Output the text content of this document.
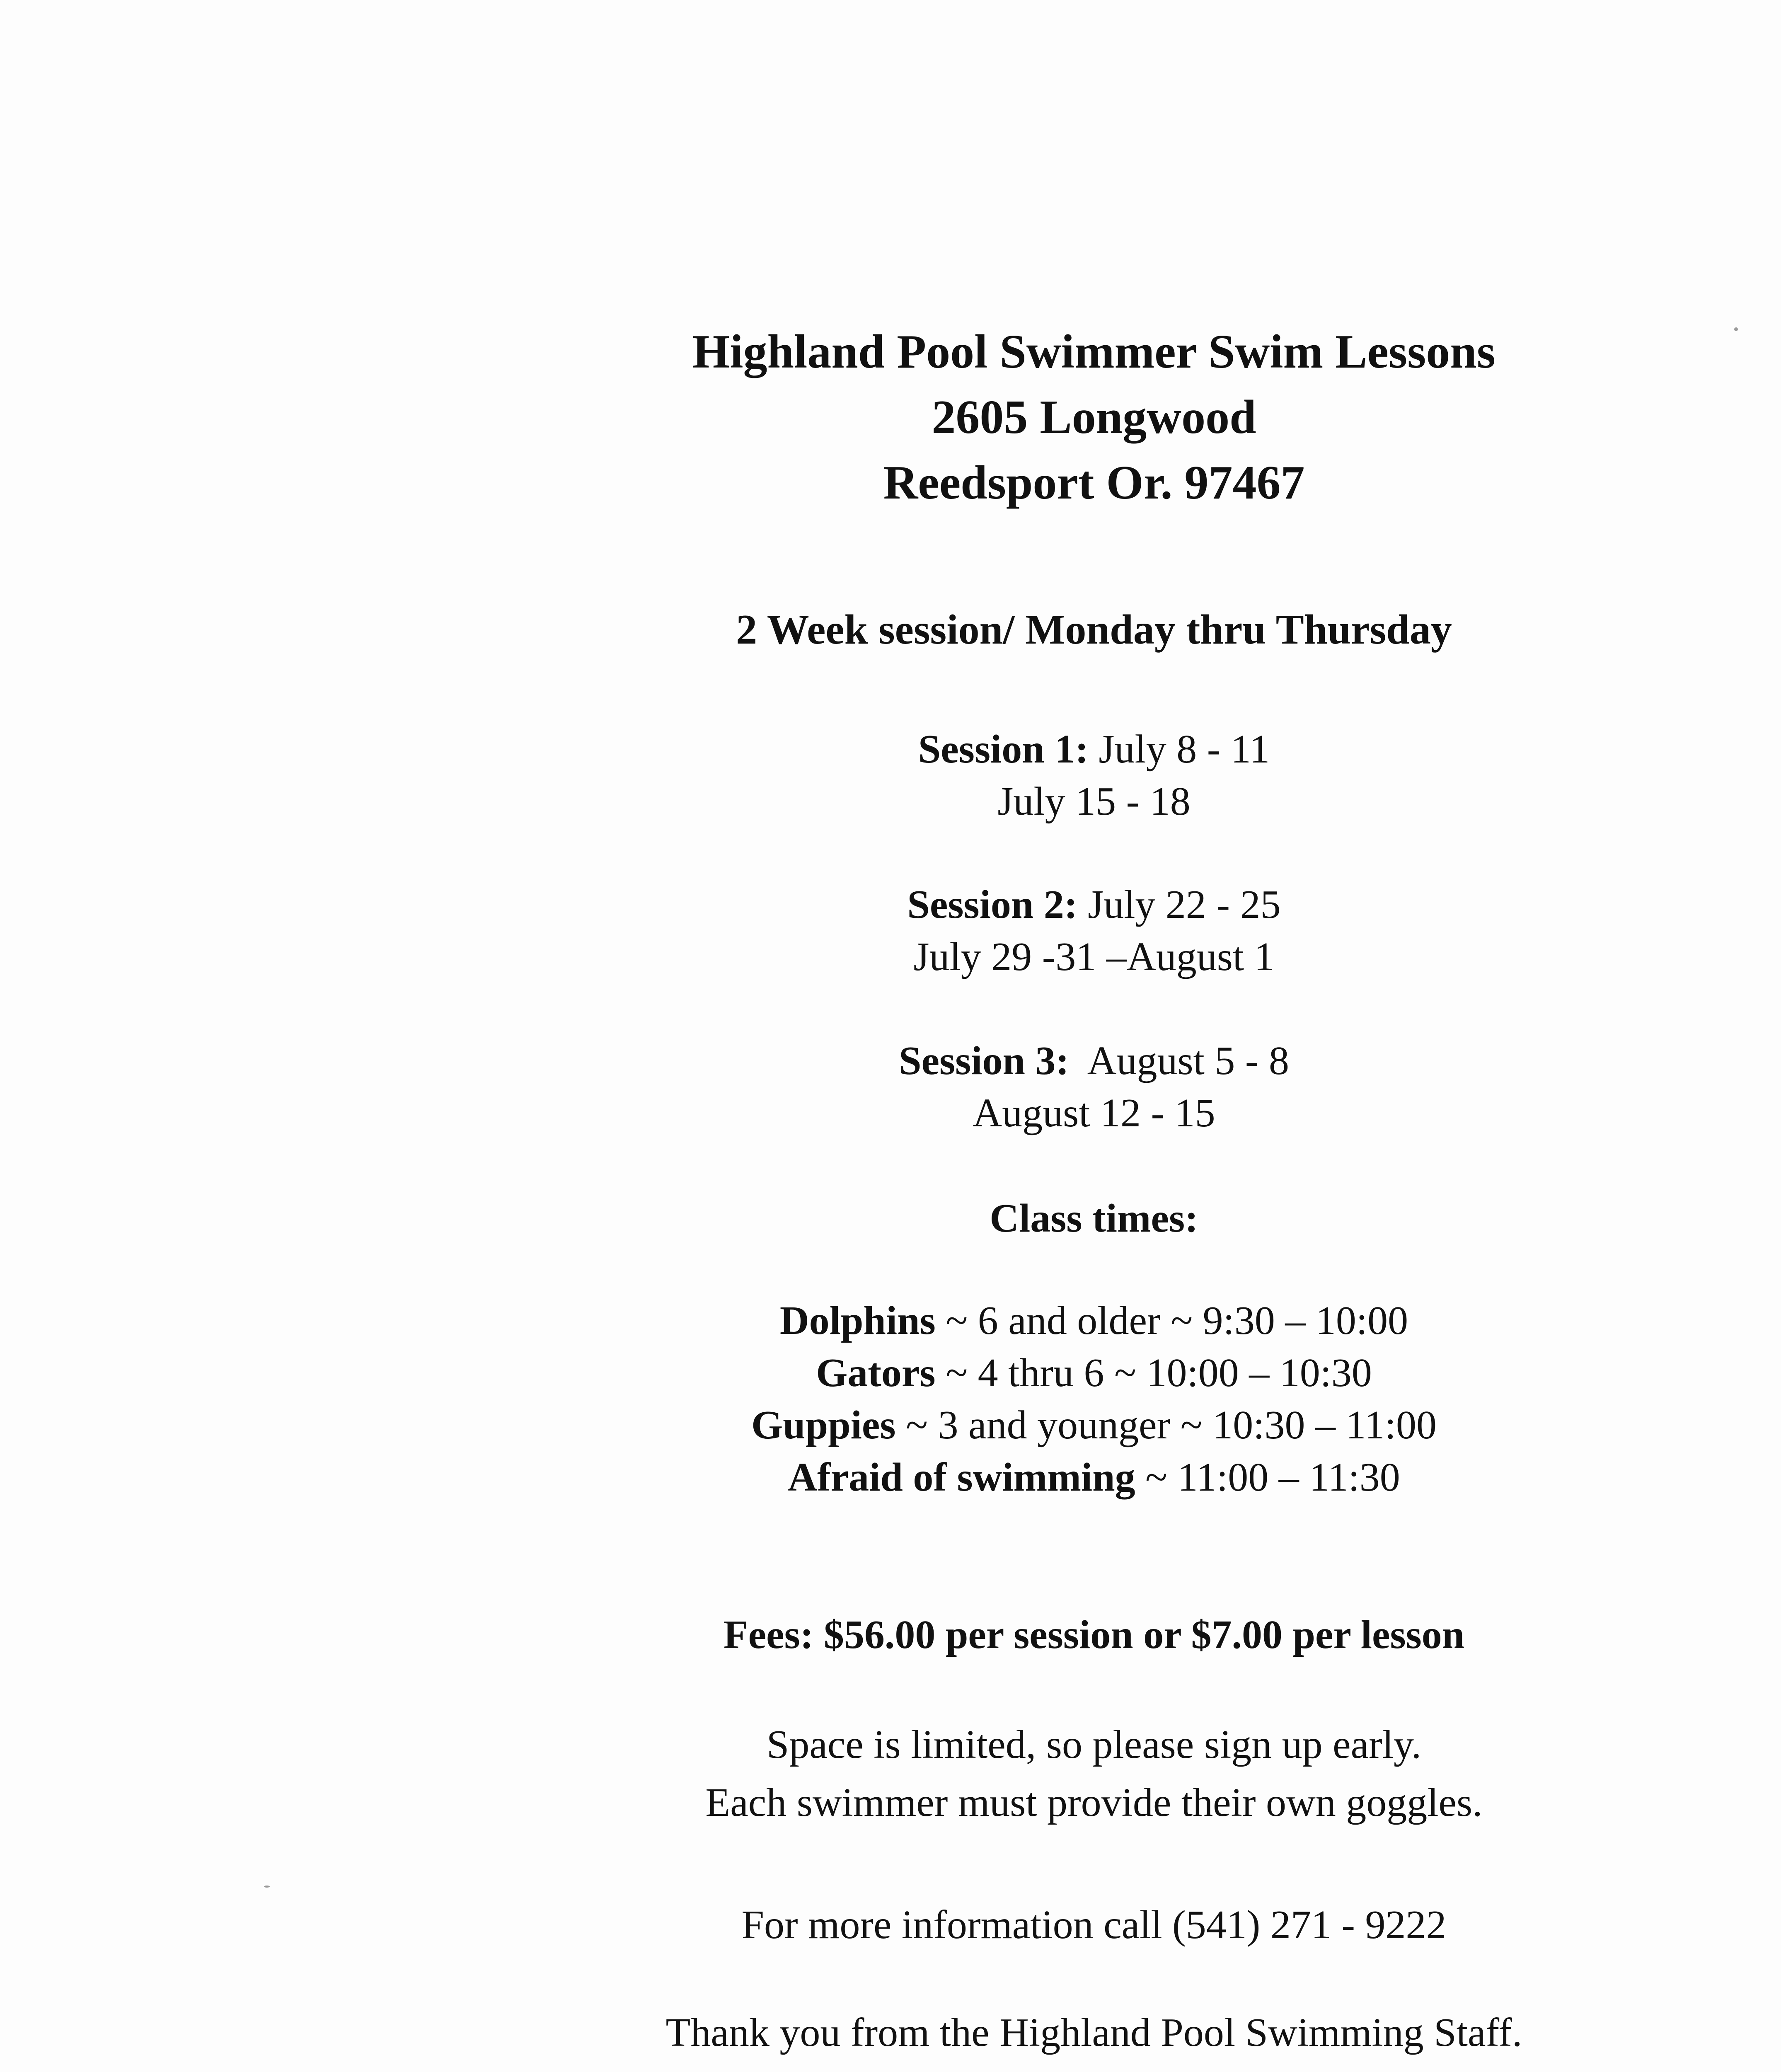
Highland Pool Swimmer Swim Lessons
2605 Longwood
Reedsport Or. 97467
2 Week session/ Monday thru Thursday
Session 1: July 8 - 11
July 15 - 18
Session 2: July 22 - 25
July 29 -31 –August 1
Session 3: August 5 - 8
August 12 - 15
Class times:
Dolphins ~ 6 and older ~ 9:30 – 10:00
Gators ~ 4 thru 6 ~ 10:00 – 10:30
Guppies ~ 3 and younger ~ 10:30 – 11:00
Afraid of swimming ~ 11:00 – 11:30
Fees: $56.00 per session or $7.00 per lesson
Space is limited, so please sign up early.
Each swimmer must provide their own goggles.
For more information call (541) 271 - 9222
Thank you from the Highland Pool Swimming Staff.
